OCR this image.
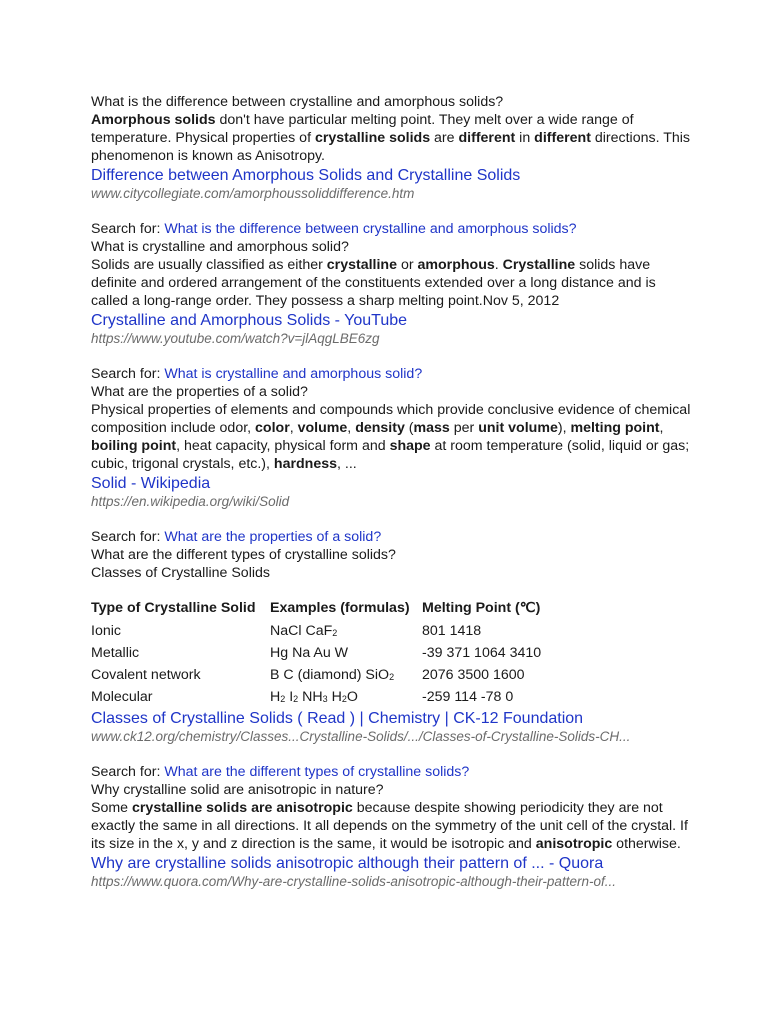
What is the difference between crystalline and amorphous solids?

Amorphous solids don't have particular melting point. They melt over a wide range of temperature. Physical properties of crystalline solids are different in different directions. This phenomenon is known as Anisotropy.

Difference between Amorphous Solids and Crystalline Solids
www.citycollegiate.com/amorphoussoliddifference.htm

Search for: What is the difference between crystalline and amorphous solids?

What is crystalline and amorphous solid?

Solids are usually classified as either crystalline or amorphous. Crystalline solids have definite and ordered arrangement of the constituents extended over a long distance and is called a long-range order. They possess a sharp melting point.Nov 5, 2012

Crystalline and Amorphous Solids - YouTube
https://www.youtube.com/watch?v=jlAqgLBE6zg

Search for: What is crystalline and amorphous solid?

What are the properties of a solid?

Physical properties of elements and compounds which provide conclusive evidence of chemical composition include odor, color, volume, density (mass per unit volume), melting point, boiling point, heat capacity, physical form and shape at room temperature (solid, liquid or gas; cubic, trigonal crystals, etc.), hardness, ...

Solid - Wikipedia
https://en.wikipedia.org/wiki/Solid

Search for: What are the properties of a solid?

What are the different types of crystalline solids?

Classes of Crystalline Solids

Type of Crystalline Solid	Examples (formulas)	Melting Point (℃)
Ionic	NaCl CaF$_2$	801 1418
Metallic	Hg Na Au W	-39 371 1064 3410
Covalent network	B C (diamond) SiO$_2$	2076 3500 1600
Molecular	$H_2$ $I_2$ $NH_3$ $H_2O$	-259 114 -78 0
Classes of Crystalline Solids ( Read ) | Chemistry | CK-12 Foundation
www.ck12.org/chemistry/Classes...Crystalline-Solids/.../Classes-of-Crystalline-Solids-CH...

Search for: What are the different types of crystalline solids?

Why crystalline solid are anisotropic in nature?

Some crystalline solids are anisotropic because despite showing periodicity they are not exactly the same in all directions. It all depends on the symmetry of the unit cell of the crystal. If its size in the x, y and z direction is the same, it would be isotropic and anisotropic otherwise.

Why are crystalline solids anisotropic although their pattern of ... - Quora
https://www.quora.com/Why-are-crystalline-solids-anisotropic-although-their-pattern-of...
